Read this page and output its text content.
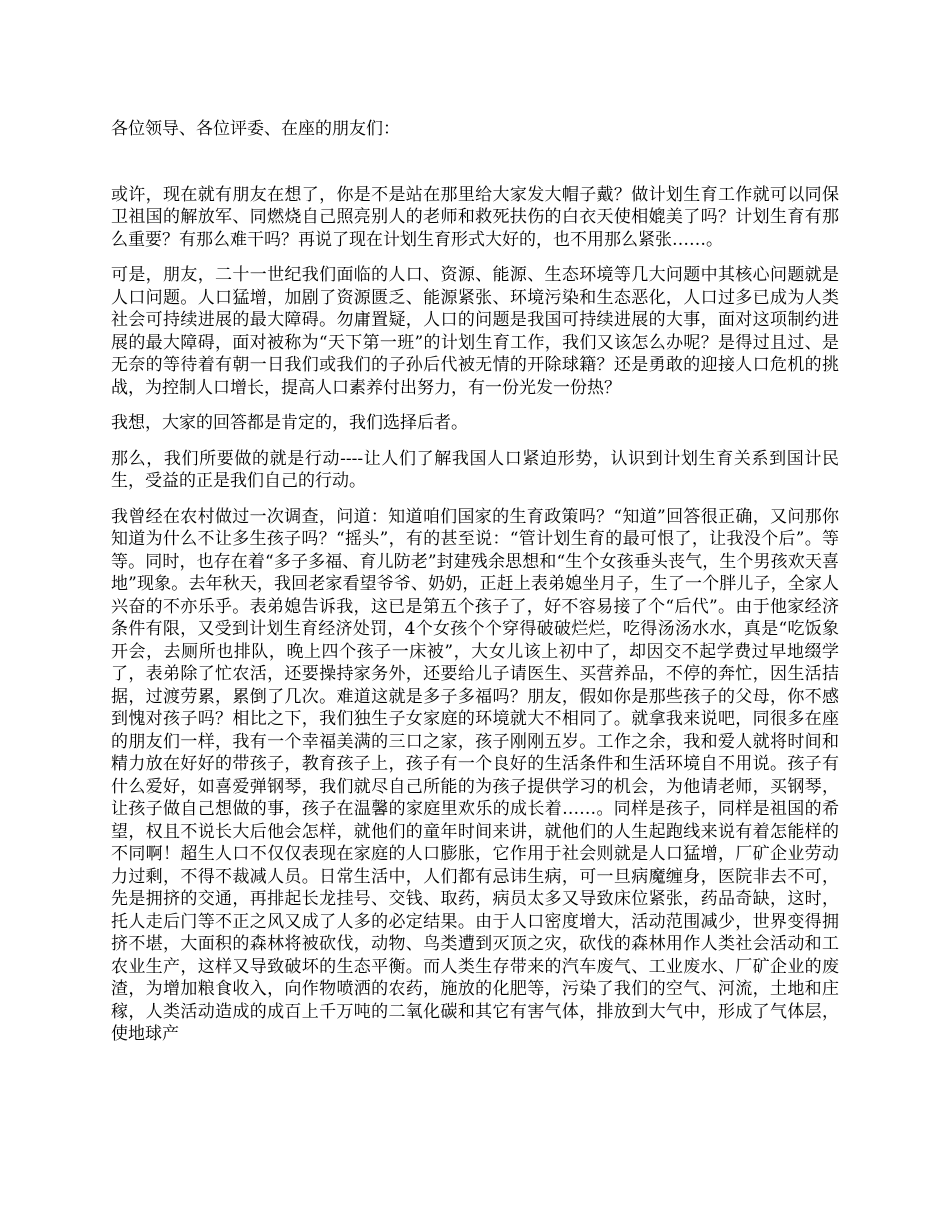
各位领导、各位评委、在座的朋友们：

或许，现在就有朋友在想了，你是不是站在那里给大家发大帽子戴？做计划生育工作就可以同保卫祖国的解放军、同燃烧自己照亮别人的老师和救死扶伤的白衣天使相媲美了吗？计划生育有那么重要？有那么难干吗？再说了现在计划生育形式大好的，也不用那么紧张……。

可是，朋友，二十一世纪我们面临的人口、资源、能源、生态环境等几大问题中其核心问题就是人口问题。人口猛增，加剧了资源匮乏、能源紧张、环境污染和生态恶化，人口过多已成为人类社会可持续进展的最大障碍。勿庸置疑，人口的问题是我国可持续进展的大事，面对这项制约进展的最大障碍，面对被称为“天下第一班”的计划生育工作，我们又该怎么办呢？是得过且过、是无奈的等待着有朝一日我们或我们的子孙后代被无情的开除球籍？还是勇敢的迎接人口危机的挑战，为控制人口增长，提高人口素养付出努力，有一份光发一份热？

我想，大家的回答都是肯定的，我们选择后者。

那么，我们所要做的就是行动----让人们了解我国人口紧迫形势，认识到计划生育关系到国计民生，受益的正是我们自己的行动。

我曾经在农村做过一次调查，问道：知道咱们国家的生育政策吗？“知道”回答很正确，又问那你知道为什么不让多生孩子吗？“摇头”，有的甚至说：“管计划生育的最可恨了，让我没个后”。等等。同时，也存在着“多子多福、育儿防老”封建残余思想和“生个女孩垂头丧气，生个男孩欢天喜地”现象。去年秋天，我回老家看望爷爷、奶奶，正赶上表弟媳坐月子，生了一个胖儿子，全家人兴奋的不亦乐乎。表弟媳告诉我，这已是第五个孩子了，好不容易接了个“后代”。由于他家经济条件有限，又受到计划生育经济处罚，4个女孩个个穿得破破烂烂，吃得汤汤水水，真是“吃饭象开会，去厕所也排队，晚上四个孩子一床被”，大女儿该上初中了，却因交不起学费过早地缀学了，表弟除了忙农活，还要操持家务外，还要给儿子请医生、买营养品，不停的奔忙，因生活拮据，过渡劳累，累倒了几次。难道这就是多子多福吗？朋友，假如你是那些孩子的父母，你不感到愧对孩子吗？相比之下，我们独生子女家庭的环境就大不相同了。就拿我来说吧，同很多在座的朋友们一样，我有一个幸福美满的三口之家，孩子刚刚五岁。工作之余，我和爱人就将时间和精力放在好好的带孩子，教育孩子上，孩子有一个良好的生活条件和生活环境自不用说。孩子有什么爱好，如喜爱弹钢琴，我们就尽自己所能的为孩子提供学习的机会，为他请老师，买钢琴，让孩子做自己想做的事，孩子在温馨的家庭里欢乐的成长着……。同样是孩子，同样是祖国的希望，权且不说长大后他会怎样，就他们的童年时间来讲，就他们的人生起跑线来说有着怎能样的不同啊！超生人口不仅仅表现在家庭的人口膨胀，它作用于社会则就是人口猛增，厂矿企业劳动力过剩，不得不裁减人员。日常生活中，人们都有忌讳生病，可一旦病魔缠身，医院非去不可，先是拥挤的交通，再排起长龙挂号、交钱、取药，病员太多又导致床位紧张，药品奇缺，这时，托人走后门等不正之风又成了人多的必定结果。由于人口密度增大，活动范围减少，世界变得拥挤不堪，大面积的森林将被砍伐，动物、鸟类遭到灭顶之灾，砍伐的森林用作人类社会活动和工农业生产，这样又导致破坏的生态平衡。而人类生存带来的汽车废气、工业废水、厂矿企业的废渣，为增加粮食收入，向作物喷洒的农药，施放的化肥等，污染了我们的空气、河流，土地和庄稼，人类活动造成的成百上千万吨的二氧化碳和其它有害气体，排放到大气中，形成了气体层，使地球产
